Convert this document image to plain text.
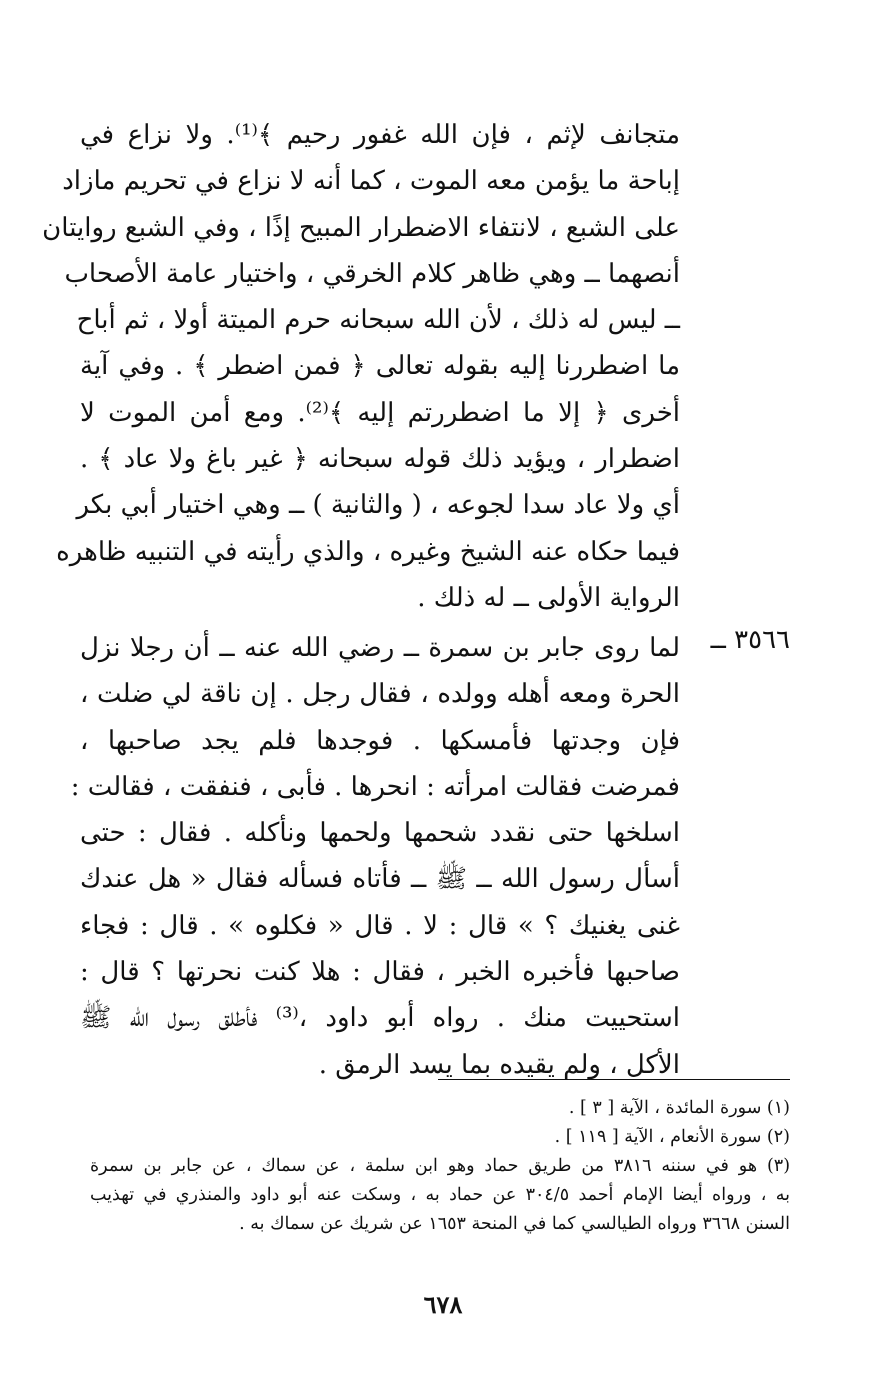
متجانف لإثم ، فإن الله غفور رحيم ﴾⁽¹⁾. ولا نزاع في
إباحة ما يؤمن معه الموت ، كما أنه لا نزاع في تحريم مازاد
على الشبع ، لانتفاء الاضطرار المبيح إذًا ، وفي الشبع روايتان
أنصهما ــ وهي ظاهر كلام الخرقي ، واختيار عامة الأصحاب
ــ ليس له ذلك ، لأن الله سبحانه حرم الميتة أولا ، ثم أباح
ما اضطررنا إليه بقوله تعالى ﴿ فمن اضطر ﴾ . وفي آية
أخرى ﴿ إلا ما اضطررتم إليه ﴾⁽²⁾. ومع أمن الموت لا
اضطرار ، ويؤيد ذلك قوله سبحانه ﴿ غير باغ ولا عاد ﴾ .
أي ولا عاد سدا لجوعه ، ( والثانية ) ــ وهي اختيار أبي بكر
فيما حكاه عنه الشيخ وغيره ، والذي رأيته في التنبيه ظاهره
الرواية الأولى ــ له ذلك .
٣٥٦٦ ــ
لما روى جابر بن سمرة ــ رضي الله عنه ــ أن رجلا نزل
الحرة ومعه أهله وولده ، فقال رجل . إن ناقة لي ضلت ،
فإن وجدتها فأمسكها . فوجدها فلم يجد صاحبها ،
فمرضت فقالت امرأته : انحرها . فأبى ، فنفقت ، فقالت :
اسلخها حتى نقدد شحمها ولحمها ونأكله . فقال : حتى
أسأل رسول الله ــ ﷺ ــ فأتاه فسأله فقال « هل عندك
غنى يغنيك ؟ » قال : لا . قال « فكلوه » . قال : فجاء
صاحبها فأخبره الخبر ، فقال : هلا كنت نحرتها ؟ قال :
استحييت منك . رواه أبو داود ،⁽³⁾ فأطلق رسول الله ﷺ
الأكل ، ولم يقيده بما يسد الرمق .
(١) سورة المائدة ، الآية [ ٣ ] .
(٢) سورة الأنعام ، الآية [ ١١٩ ] .
(٣) هو في سننه ٣٨١٦ من طريق حماد وهو ابن سلمة ، عن سماك ، عن جابر بن سمرة
به ، ورواه أيضا الإمام أحمد ٣٠٤/٥ عن حماد به ، وسكت عنه أبو داود والمنذري في تهذيب
السنن ٣٦٦٨ ورواه الطيالسي كما في المنحة ١٦٥٣ عن شريك عن سماك به .
٦٧٨
